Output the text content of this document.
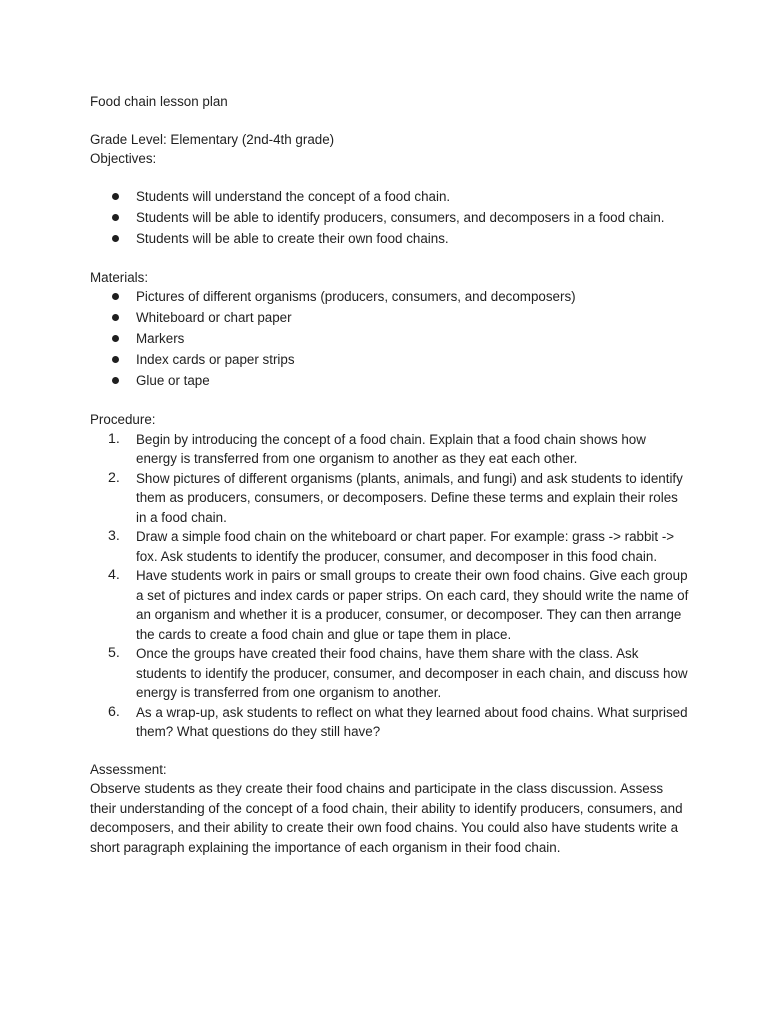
Food chain lesson plan

Grade Level: Elementary (2nd-4th grade)

Objectives:

Students will understand the concept of a food chain.
Students will be able to identify producers, consumers, and decomposers in a food chain.
Students will be able to create their own food chains.

Materials:

Pictures of different organisms (producers, consumers, and decomposers)
Whiteboard or chart paper
Markers
Index cards or paper strips
Glue or tape

Procedure:

1. Begin by introducing the concept of a food chain. Explain that a food chain shows how energy is transferred from one organism to another as they eat each other.
2. Show pictures of different organisms (plants, animals, and fungi) and ask students to identify them as producers, consumers, or decomposers. Define these terms and explain their roles in a food chain.
3. Draw a simple food chain on the whiteboard or chart paper. For example: grass -> rabbit -> fox. Ask students to identify the producer, consumer, and decomposer in this food chain.
4. Have students work in pairs or small groups to create their own food chains. Give each group a set of pictures and index cards or paper strips. On each card, they should write the name of an organism and whether it is a producer, consumer, or decomposer. They can then arrange the cards to create a food chain and glue or tape them in place.
5. Once the groups have created their food chains, have them share with the class. Ask students to identify the producer, consumer, and decomposer in each chain, and discuss how energy is transferred from one organism to another.
6. As a wrap-up, ask students to reflect on what they learned about food chains. What surprised them? What questions do they still have?

Assessment:

Observe students as they create their food chains and participate in the class discussion. Assess their understanding of the concept of a food chain, their ability to identify producers, consumers, and decomposers, and their ability to create their own food chains. You could also have students write a short paragraph explaining the importance of each organism in their food chain.
